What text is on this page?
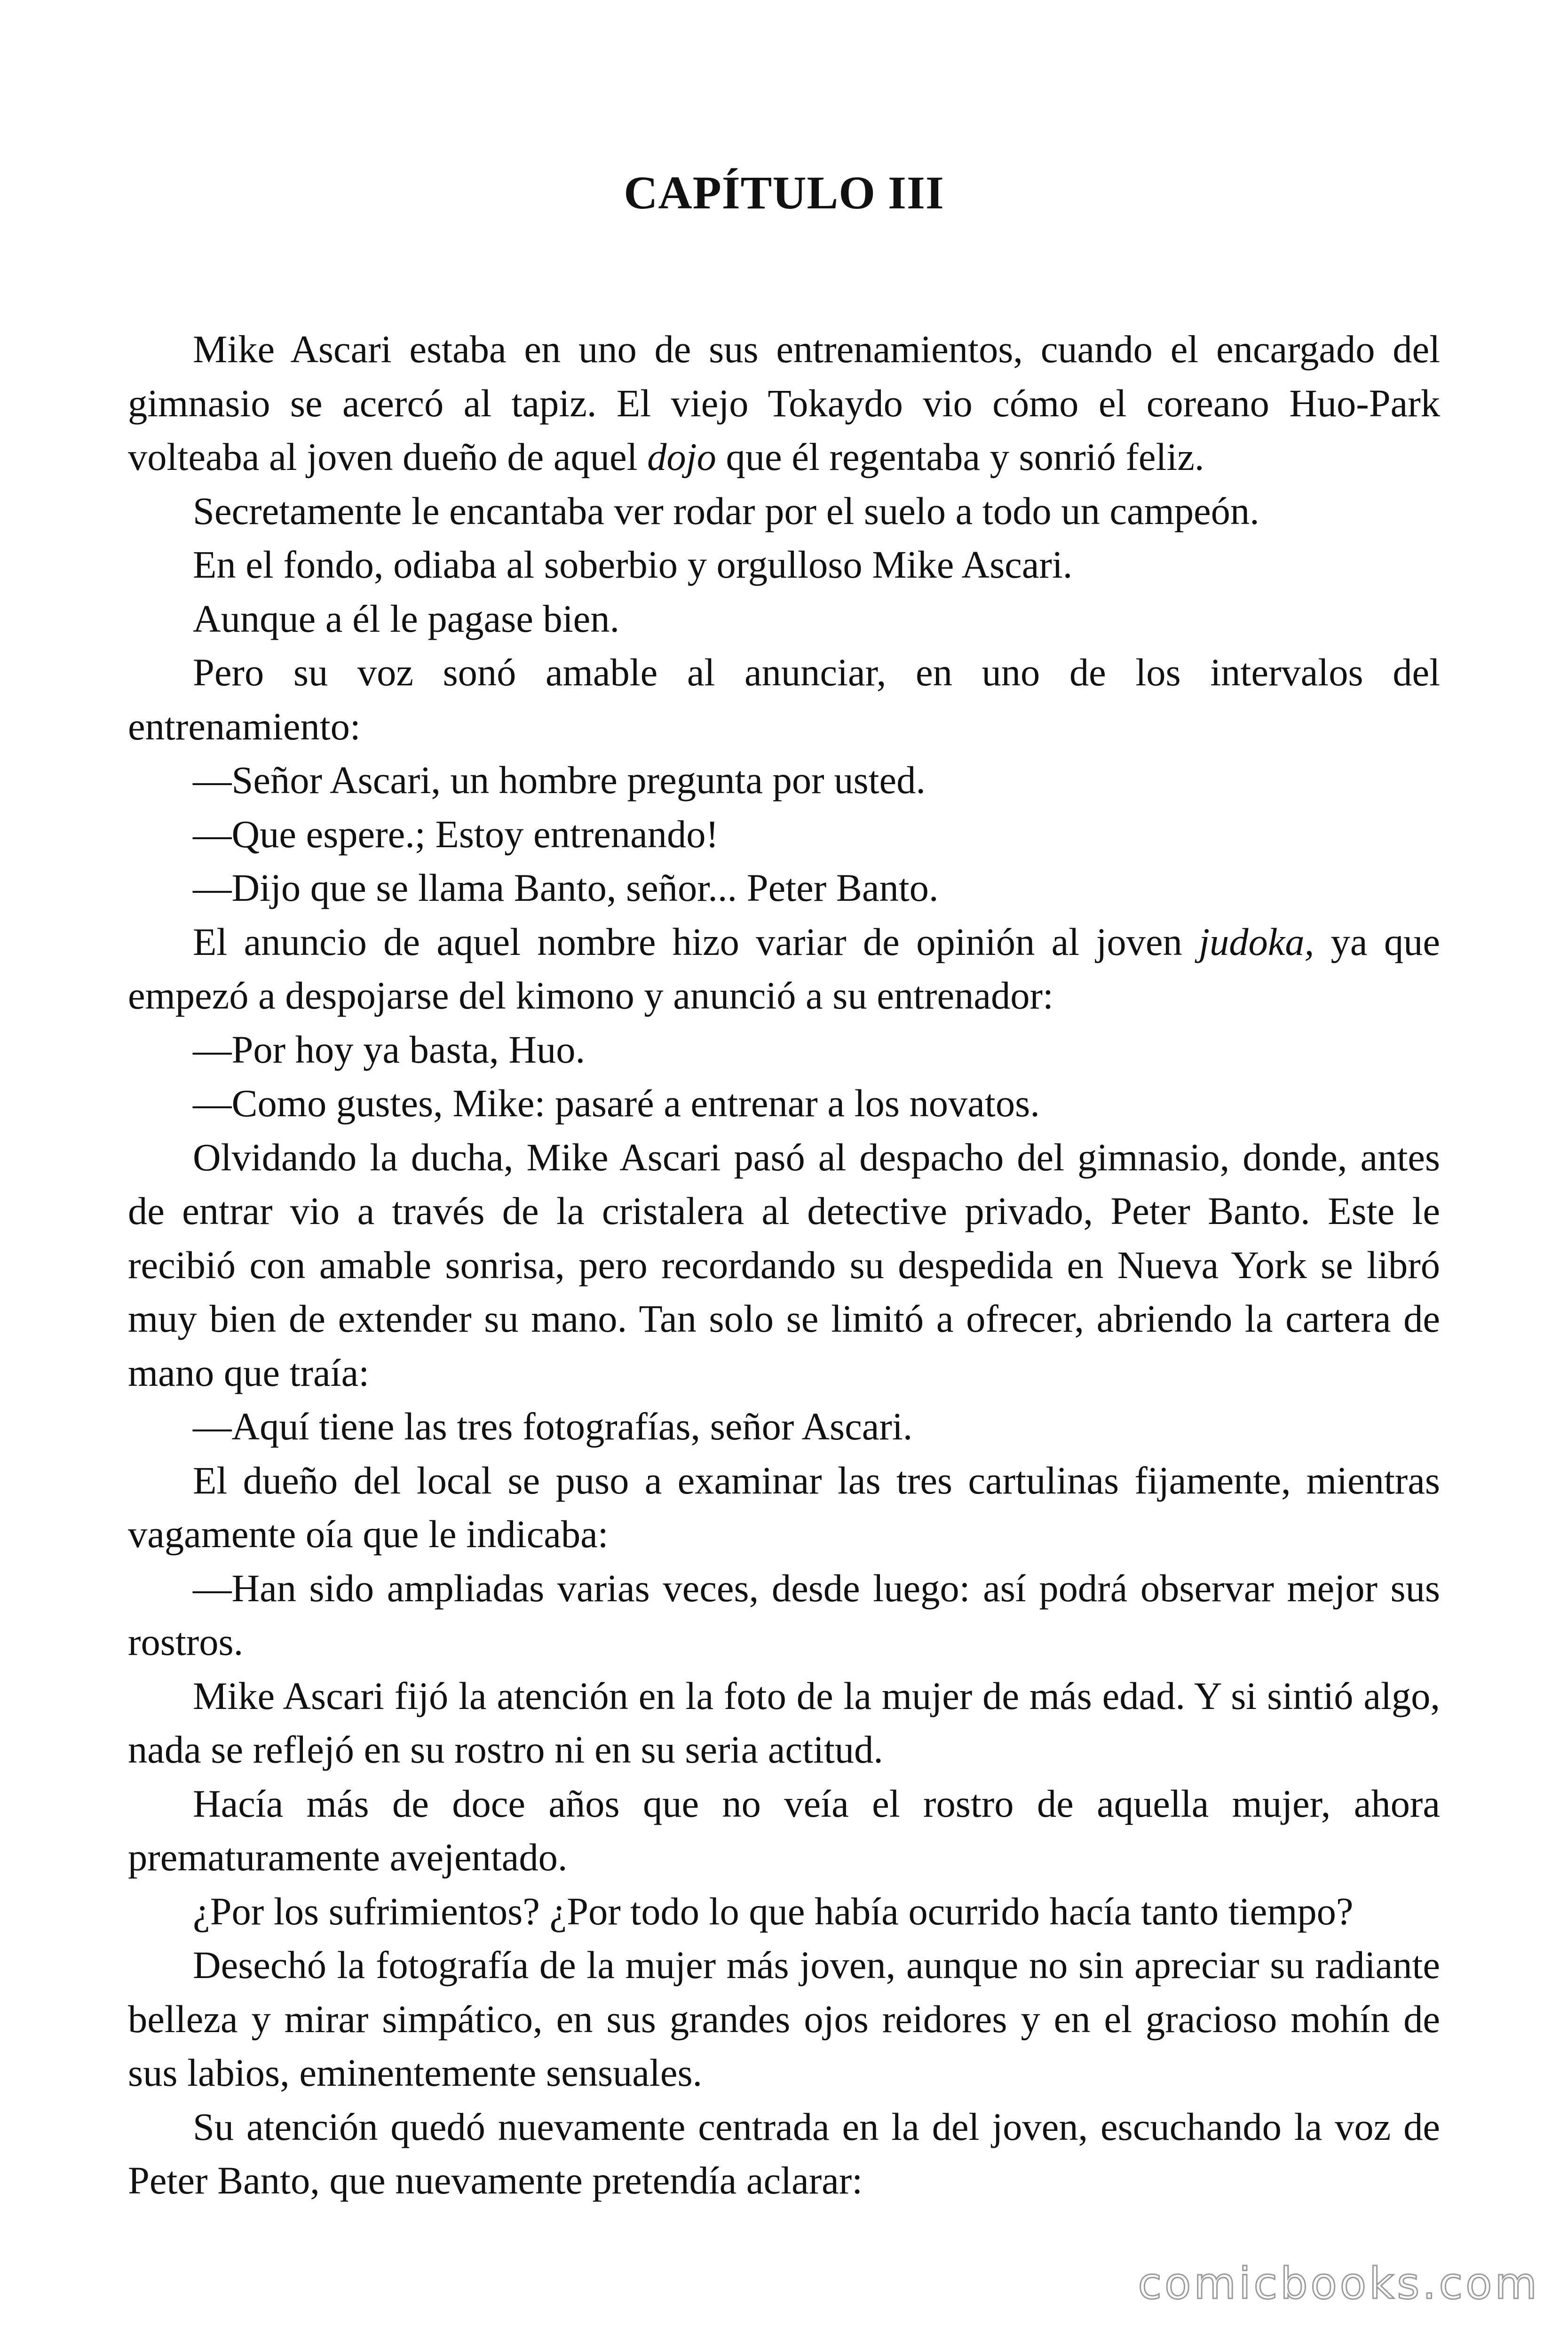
CAPÍTULO III

Mike Ascari estaba en uno de sus entrenamientos, cuando el encargado del gimnasio se acercó al tapiz. El viejo Tokaydo vio cómo el coreano Huo-Park volteaba al joven dueño de aquel dojo que él regentaba y sonrió feliz.

Secretamente le encantaba ver rodar por el suelo a todo un campeón.

En el fondo, odiaba al soberbio y orgulloso Mike Ascari.

Aunque a él le pagase bien.

Pero su voz sonó amable al anunciar, en uno de los intervalos del entrenamiento:

—Señor Ascari, un hombre pregunta por usted.

—Que espere.; Estoy entrenando!

—Dijo que se llama Banto, señor... Peter Banto.

El anuncio de aquel nombre hizo variar de opinión al joven judoka, ya que empezó a despojarse del kimono y anunció a su entrenador:

—Por hoy ya basta, Huo.

—Como gustes, Mike: pasaré a entrenar a los novatos.

Olvidando la ducha, Mike Ascari pasó al despacho del gimnasio, donde, antes de entrar vio a través de la cristalera al detective privado, Peter Banto. Este le recibió con amable sonrisa, pero recordando su despedida en Nueva York se libró muy bien de extender su mano. Tan solo se limitó a ofrecer, abriendo la cartera de mano que traía:

—Aquí tiene las tres fotografías, señor Ascari.

El dueño del local se puso a examinar las tres cartulinas fijamente, mientras vagamente oía que le indicaba:

—Han sido ampliadas varias veces, desde luego: así podrá observar mejor sus rostros.

Mike Ascari fijó la atención en la foto de la mujer de más edad. Y si sintió algo, nada se reflejó en su rostro ni en su seria actitud.

Hacía más de doce años que no veía el rostro de aquella mujer, ahora prematuramente avejentado.

¿Por los sufrimientos? ¿Por todo lo que había ocurrido hacía tanto tiempo?

Desechó la fotografía de la mujer más joven, aunque no sin apreciar su radiante belleza y mirar simpático, en sus grandes ojos reidores y en el gracioso mohín de sus labios, eminentemente sensuales.

Su atención quedó nuevamente centrada en la del joven, escuchando la voz de Peter Banto, que nuevamente pretendía aclarar:

comicbooks.com
